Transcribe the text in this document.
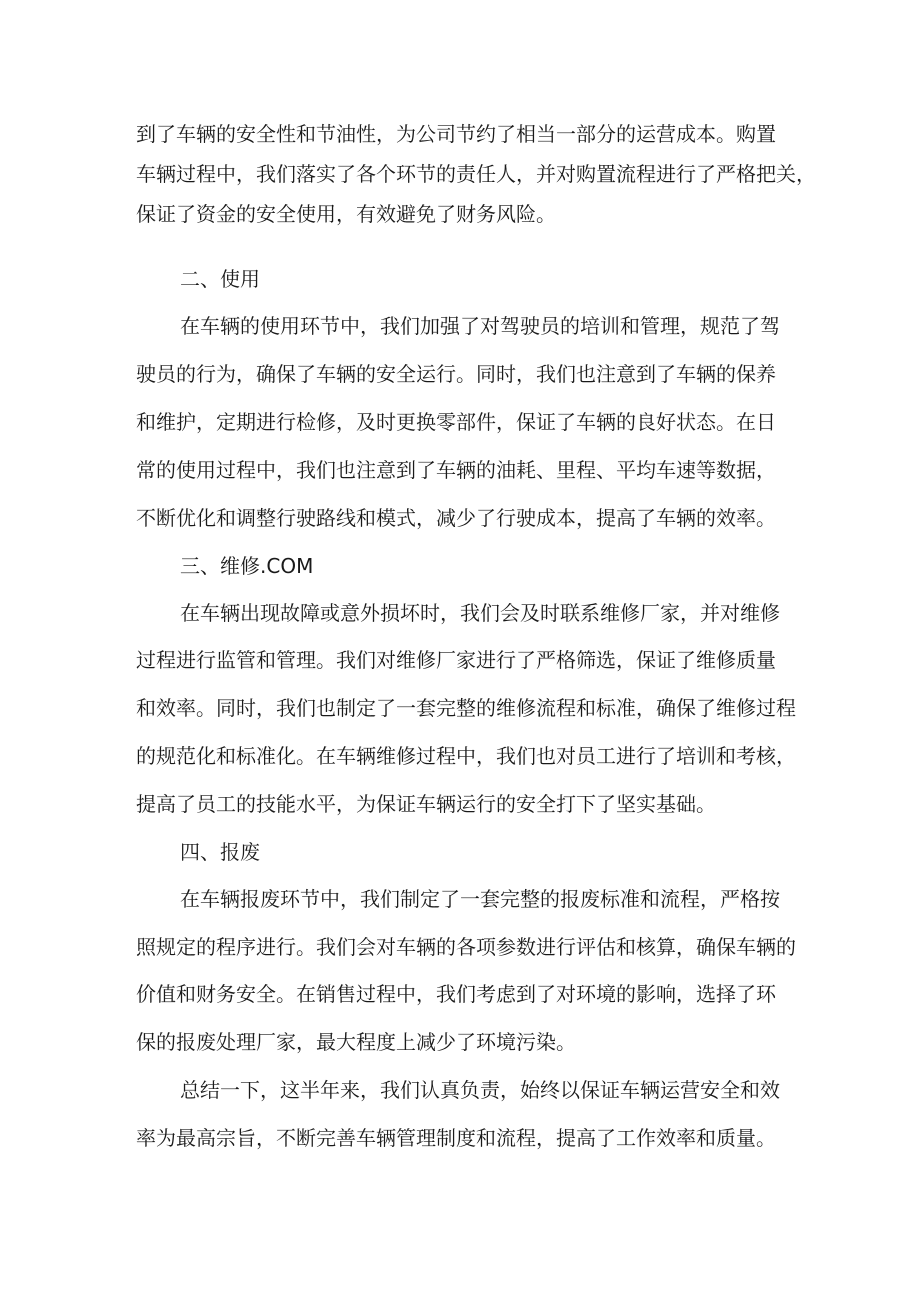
到了车辆的安全性和节油性，为公司节约了相当一部分的运营成本。购置
车辆过程中，我们落实了各个环节的责任人，并对购置流程进行了严格把关，
保证了资金的安全使用，有效避免了财务风险。
二、使用
在车辆的使用环节中，我们加强了对驾驶员的培训和管理，规范了驾
驶员的行为，确保了车辆的安全运行。同时，我们也注意到了车辆的保养
和维护，定期进行检修，及时更换零部件，保证了车辆的良好状态。在日
常的使用过程中，我们也注意到了车辆的油耗、里程、平均车速等数据，
不断优化和调整行驶路线和模式，减少了行驶成本，提高了车辆的效率。
三、维修.COM
在车辆出现故障或意外损坏时，我们会及时联系维修厂家，并对维修
过程进行监管和管理。我们对维修厂家进行了严格筛选，保证了维修质量
和效率。同时，我们也制定了一套完整的维修流程和标准，确保了维修过程
的规范化和标准化。在车辆维修过程中，我们也对员工进行了培训和考核，
提高了员工的技能水平，为保证车辆运行的安全打下了坚实基础。
四、报废
在车辆报废环节中，我们制定了一套完整的报废标准和流程，严格按
照规定的程序进行。我们会对车辆的各项参数进行评估和核算，确保车辆的
价值和财务安全。在销售过程中，我们考虑到了对环境的影响，选择了环
保的报废处理厂家，最大程度上减少了环境污染。
总结一下，这半年来，我们认真负责，始终以保证车辆运营安全和效
率为最高宗旨，不断完善车辆管理制度和流程，提高了工作效率和质量。
